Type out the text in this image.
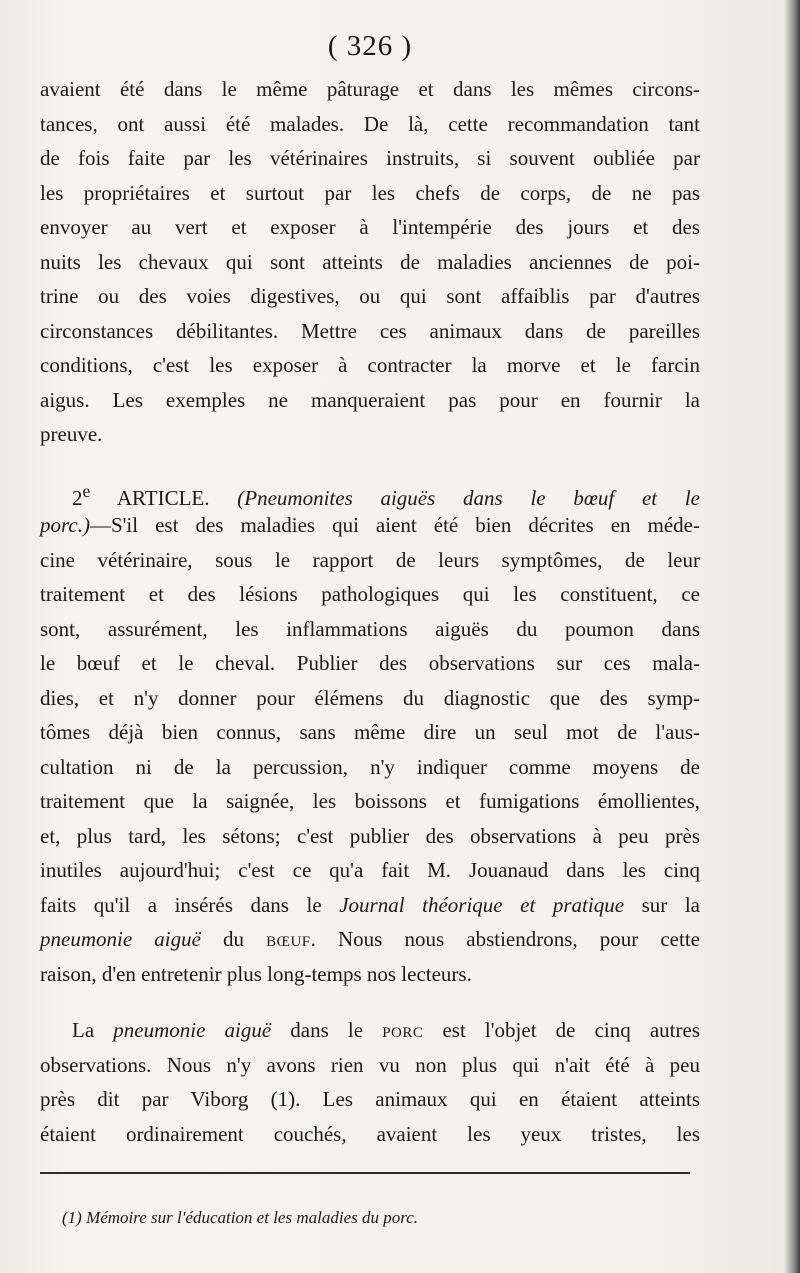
( 326 )
avaient été dans le même pâturage et dans les mêmes circons-
tances, ont aussi été malades. De là, cette recommandation tant
de fois faite par les vétérinaires instruits, si souvent oubliée par
les propriétaires et surtout par les chefs de corps, de ne pas
envoyer au vert et exposer à l'intempérie des jours et des
nuits les chevaux qui sont atteints de maladies anciennes de poi-
trine ou des voies digestives, ou qui sont affaiblis par d'autres
circonstances débilitantes. Mettre ces animaux dans de pareilles
conditions, c'est les exposer à contracter la morve et le farcin
aigus. Les exemples ne manqueraient pas pour en fournir la
preuve.
2e ARTICLE. (Pneumonites aiguës dans le bœuf et le
porc.)—S'il est des maladies qui aient été bien décrites en méde-
cine vétérinaire, sous le rapport de leurs symptômes, de leur
traitement et des lésions pathologiques qui les constituent, ce
sont, assurément, les inflammations aiguës du poumon dans
le bœuf et le cheval. Publier des observations sur ces mala-
dies, et n'y donner pour élémens du diagnostic que des symp-
tômes déjà bien connus, sans même dire un seul mot de l'aus-
cultation ni de la percussion, n'y indiquer comme moyens de
traitement que la saignée, les boissons et fumigations émollientes,
et, plus tard, les sétons; c'est publier des observations à peu près
inutiles aujourd'hui; c'est ce qu'a fait M. Jouanaud dans les cinq
faits qu'il a insérés dans le Journal théorique et pratique sur la
pneumonie aiguë du bœuf. Nous nous abstiendrons, pour cette
raison, d'en entretenir plus long-temps nos lecteurs.
La pneumonie aiguë dans le porc est l'objet de cinq autres
observations. Nous n'y avons rien vu non plus qui n'ait été à peu
près dit par Viborg (1). Les animaux qui en étaient atteints
étaient ordinairement couchés, avaient les yeux tristes, les
(1) Mémoire sur l'éducation et les maladies du porc.
